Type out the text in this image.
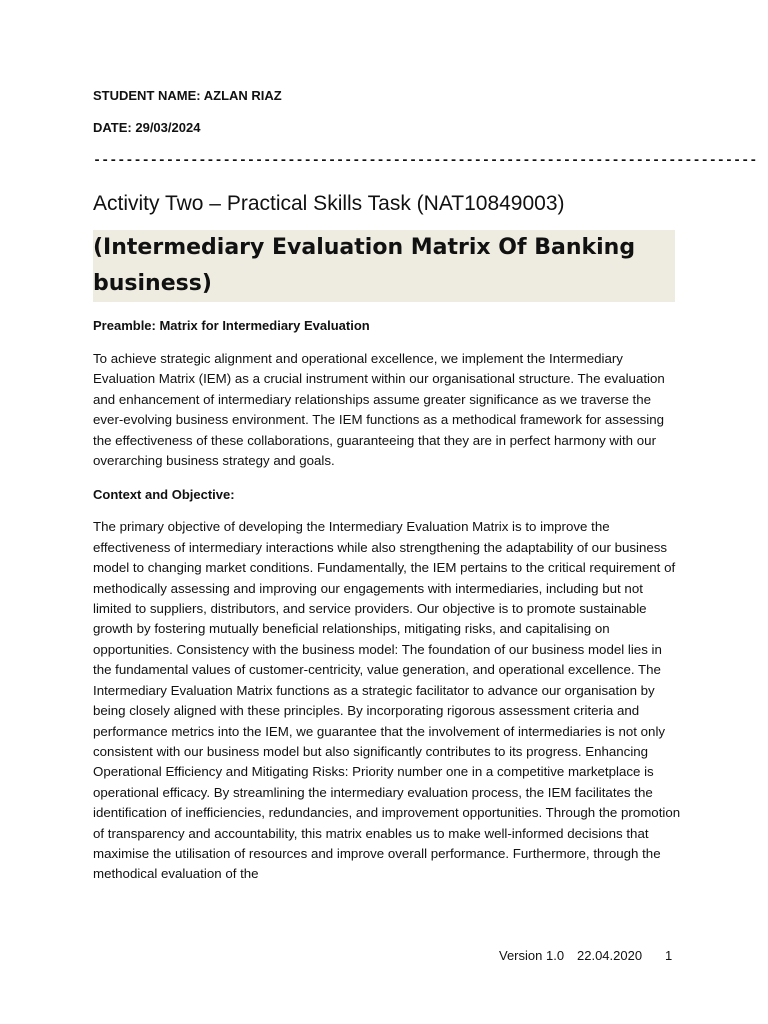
STUDENT NAME: AZLAN RIAZ

DATE: 29/03/2024

----------------------------------------------------------------------------------
Activity Two – Practical Skills Task (NAT10849003)

(Intermediary Evaluation Matrix Of Banking

business)

Preamble: Matrix for Intermediary Evaluation
To achieve strategic alignment and operational excellence, we implement the Intermediary Evaluation Matrix (IEM) as a crucial instrument within our organisational structure. The evaluation and enhancement of intermediary relationships assume greater significance as we traverse the ever-evolving business environment. The IEM functions as a methodical framework for assessing the effectiveness of these collaborations, guaranteeing that they are in perfect harmony with our overarching business strategy and goals.
Context and Objective:
The primary objective of developing the Intermediary Evaluation Matrix is to improve the effectiveness of intermediary interactions while also strengthening the adaptability of our business model to changing market conditions. Fundamentally, the IEM pertains to the critical requirement of methodically assessing and improving our engagements with intermediaries, including but not limited to suppliers, distributors, and service providers. Our objective is to promote sustainable growth by fostering mutually beneficial relationships, mitigating risks, and capitalising on opportunities. Consistency with the business model: The foundation of our business model lies in the fundamental values of customer-centricity, value generation, and operational excellence. The Intermediary Evaluation Matrix functions as a strategic facilitator to advance our organisation by being closely aligned with these principles. By incorporating rigorous assessment criteria and performance metrics into the IEM, we guarantee that the involvement of intermediaries is not only consistent with our business model but also significantly contributes to its progress. Enhancing Operational Efficiency and Mitigating Risks: Priority number one in a competitive marketplace is operational efficacy. By streamlining the intermediary evaluation process, the IEM facilitates the identification of inefficiencies, redundancies, and improvement opportunities. Through the promotion of transparency and accountability, this matrix enables us to make well-informed decisions that maximise the utilisation of resources and improve overall performance. Furthermore, through the methodical evaluation of the
Version 1.0 22.04.2020 1
